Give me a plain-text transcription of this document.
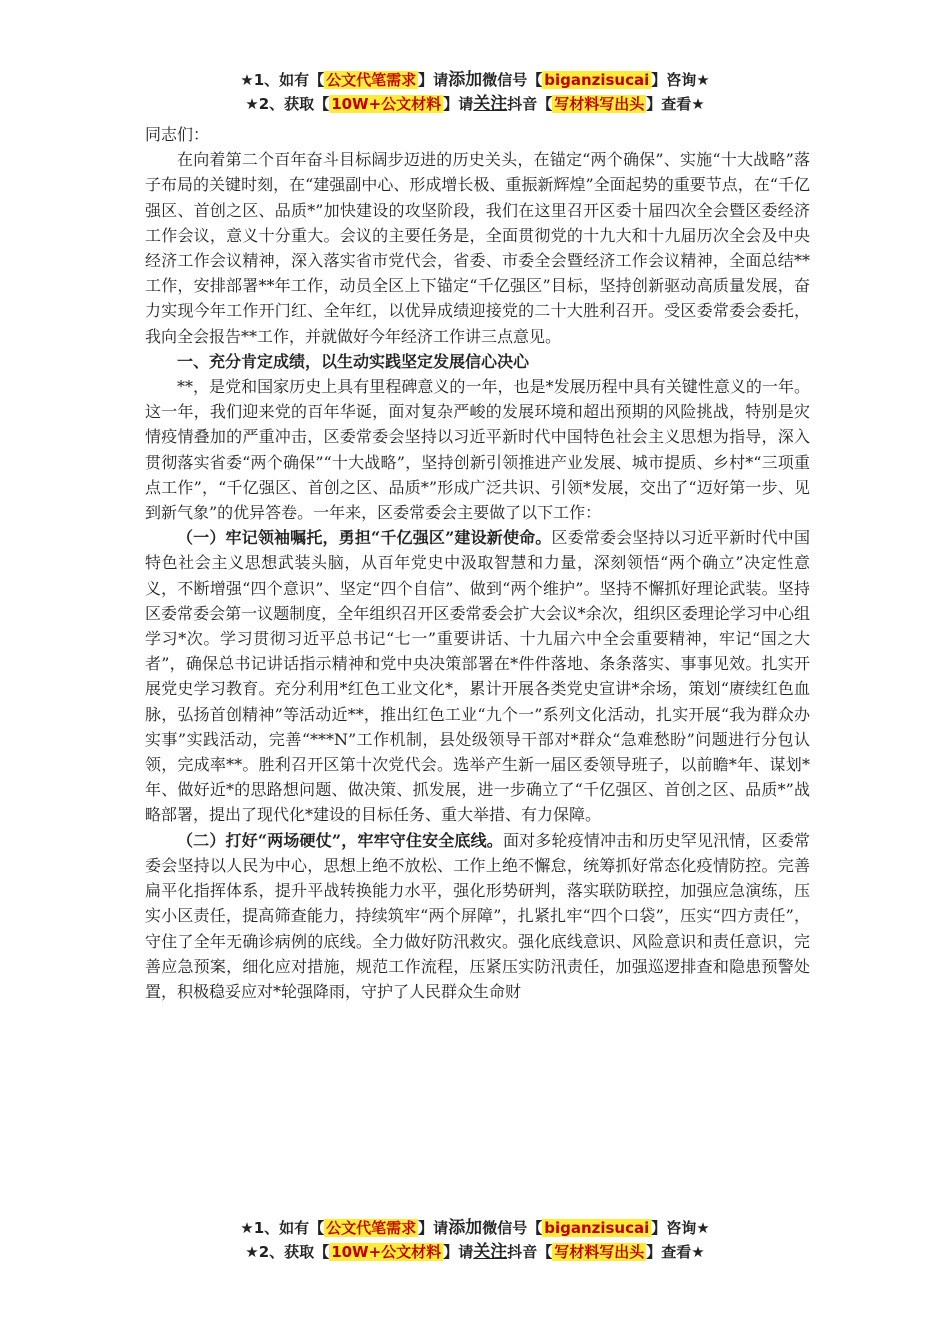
★1、如有【 公文代笔需求 】请添加微信号【 biganzisucai 】咨询★
★2、获取【 10W+公文材料 】请关注抖音【 写材料写出头 】查看★

同志们：

在向着第二个百年奋斗目标阔步迈进的历史关头，在锚定“两个确保”、实施“十大战略”落子布局的关键时刻，在“建强副中心、形成增长极、重振新辉煌”全面起势的重要节点，在“千亿强区、首创之区、品质*”加快建设的攻坚阶段，我们在这里召开区委十届四次全会暨区委经济工作会议，意义十分重大。会议的主要任务是，全面贯彻党的十九大和十九届历次全会及中央经济工作会议精神，深入落实省市党代会，省委、市委全会暨经济工作会议精神，全面总结**工作，安排部署**年工作，动员全区上下锚定“千亿强区”目标，坚持创新驱动高质量发展，奋力实现今年工作开门红、全年红，以优异成绩迎接党的二十大胜利召开。受区委常委会委托，我向全会报告**工作，并就做好今年经济工作讲三点意见。

一、充分肯定成绩，以生动实践坚定发展信心决心

**，是党和国家历史上具有里程碑意义的一年，也是*发展历程中具有关键性意义的一年。这一年，我们迎来党的百年华诞，面对复杂严峻的发展环境和超出预期的风险挑战，特别是灾情疫情叠加的严重冲击，区委常委会坚持以习近平新时代中国特色社会主义思想为指导，深入贯彻落实省委“两个确保”“十大战略”，坚持创新引领推进产业发展、城市提质、乡村*“三项重点工作”，“千亿强区、首创之区、品质*”形成广泛共识、引领*发展，交出了“迈好第一步、见到新气象”的优异答卷。一年来，区委常委会主要做了以下工作：

（一）牢记领袖嘱托，勇担“千亿强区”建设新使命。区委常委会坚持以习近平新时代中国特色社会主义思想武装头脑，从百年党史中汲取智慧和力量，深刻领悟“两个确立”决定性意义，不断增强“四个意识”、坚定“四个自信”、做到“两个维护”。坚持不懈抓好理论武装。坚持区委常委会第一议题制度，全年组织召开区委常委会扩大会议*余次，组织区委理论学习中心组学习*次。学习贯彻习近平总书记“七一”重要讲话、十九届六中全会重要精神，牢记“国之大者”，确保总书记讲话指示精神和党中央决策部署在*件件落地、条条落实、事事见效。扎实开展党史学习教育。充分利用*红色工业文化*，累计开展各类党史宣讲*余场，策划“赓续红色血脉，弘扬首创精神”等活动近**，推出红色工业“九个一”系列文化活动，扎实开展“我为群众办实事”实践活动，完善“***N”工作机制，县处级领导干部对*群众“急难愁盼”问题进行分包认领，完成率**。胜利召开区第十次党代会。选举产生新一届区委领导班子，以前瞻*年、谋划*年、做好近*的思路想问题、做决策、抓发展，进一步确立了“千亿强区、首创之区、品质*”战略部署，提出了现代化*建设的目标任务、重大举措、有力保障。

（二）打好“两场硬仗”，牢牢守住安全底线。面对多轮疫情冲击和历史罕见汛情，区委常委会坚持以人民为中心，思想上绝不放松、工作上绝不懈怠，统筹抓好常态化疫情防控。完善扁平化指挥体系，提升平战转换能力水平，强化形势研判，落实联防联控，加强应急演练，压实小区责任，提高筛查能力，持续筑牢“两个屏障”，扎紧扎牢“四个口袋”，压实“四方责任”，守住了全年无确诊病例的底线。全力做好防汛救灾。强化底线意识、风险意识和责任意识，完善应急预案，细化应对措施，规范工作流程，压紧压实防汛责任，加强巡逻排查和隐患预警处置，积极稳妥应对*轮强降雨，守护了人民群众生命财

★1、如有【 公文代笔需求 】请添加微信号【 biganzisucai 】咨询★
★2、获取【 10W+公文材料 】请关注抖音【 写材料写出头 】查看★
